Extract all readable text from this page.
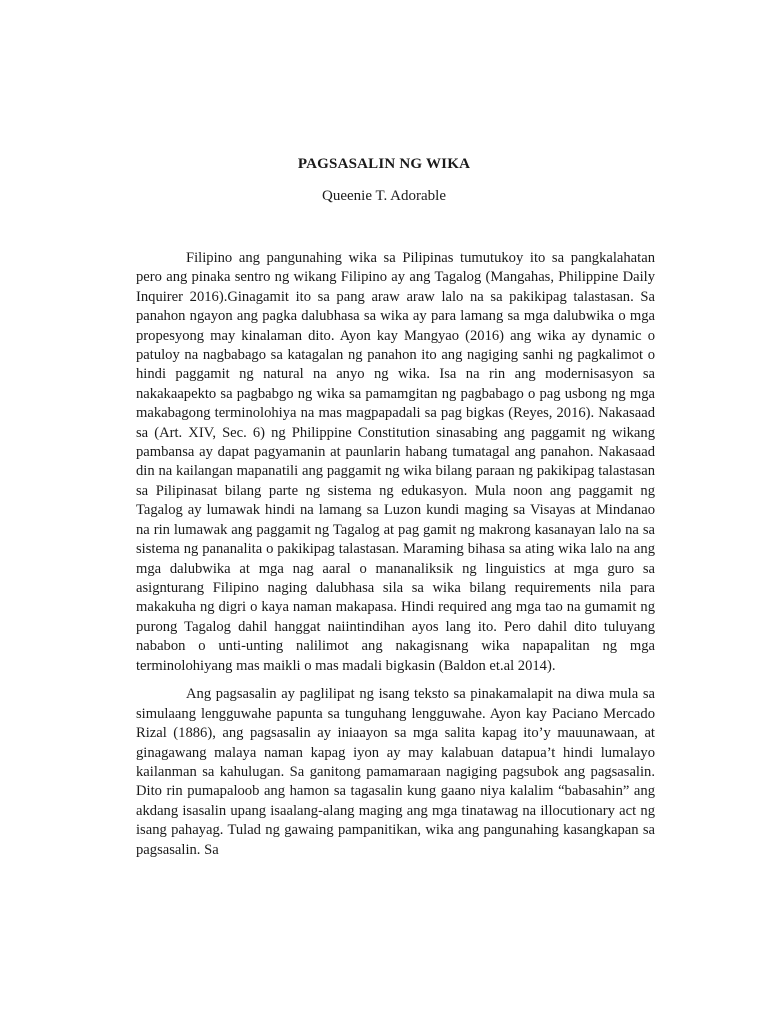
PAGSASALIN NG WIKA
Queenie T. Adorable

Filipino ang pangunahing wika sa Pilipinas tumutukoy ito sa pangkalahatan pero ang pinaka sentro ng wikang Filipino ay ang Tagalog (Mangahas, Philippine Daily Inquirer 2016).Ginagamit ito sa pang araw araw lalo na sa pakikipag talastasan. Sa panahon ngayon ang pagka dalubhasa sa wika ay para lamang sa mga dalubwika o mga propesyong may kinalaman dito. Ayon kay Mangyao (2016) ang wika ay dynamic o patuloy na nagbabago sa katagalan ng panahon ito ang nagiging sanhi ng pagkalimot o hindi paggamit ng natural na anyo ng wika. Isa na rin ang modernisasyon sa nakakaapekto sa pagbabgo ng wika sa pamamgitan ng pagbabago o pag usbong ng mga makabagong terminolohiya na mas magpapadali sa pag bigkas (Reyes, 2016). Nakasaad sa (Art. XIV, Sec. 6) ng Philippine Constitution sinasabing ang paggamit ng wikang pambansa ay dapat pagyamanin at paunlarin habang tumatagal ang panahon. Nakasaad din na kailangan mapanatili ang paggamit ng wika bilang paraan ng pakikipag talastasan sa Pilipinasat bilang parte ng sistema ng edukasyon. Mula noon ang paggamit ng Tagalog ay lumawak hindi na lamang sa Luzon kundi maging sa Visayas at Mindanao na rin lumawak ang paggamit ng Tagalog at pag gamit ng makrong kasanayan lalo na sa sistema ng pananalita o pakikipag talastasan. Maraming bihasa sa ating wika lalo na ang mga dalubwika at mga nag aaral o mananaliksik ng linguistics at mga guro sa asignturang Filipino naging dalubhasa sila sa wika bilang requirements nila para makakuha ng digri o kaya naman makapasa. Hindi required ang mga tao na gumamit ng purong Tagalog dahil hanggat naiintindihan ayos lang ito. Pero dahil dito tuluyang nababon o unti-unting nalilimot ang nakagisnang wika napapalitan ng mga terminolohiyang mas maikli o mas madali bigkasin (Baldon et.al 2014).

Ang pagsasalin ay paglilipat ng isang teksto sa pinakamalapit na diwa mula sa simulaang lengguwahe papunta sa tunguhang lengguwahe. Ayon kay Paciano Mercado Rizal (1886), ang pagsasalin ay iniaayon sa mga salita kapag ito’y mauunawaan, at ginagawang malaya naman kapag iyon ay may kalabuan datapua’t hindi lumalayo kailanman sa kahulugan. Sa ganitong pamamaraan nagiging pagsubok ang pagsasalin. Dito rin pumapaloob ang hamon sa tagasalin kung gaano niya kalalim “babasahin” ang akdang isasalin upang isaalang-alang maging ang mga tinatawag na illocutionary act ng isang pahayag. Tulad ng gawaing pampanitikan, wika ang pangunahing kasangkapan sa pagsasalin. Sa
